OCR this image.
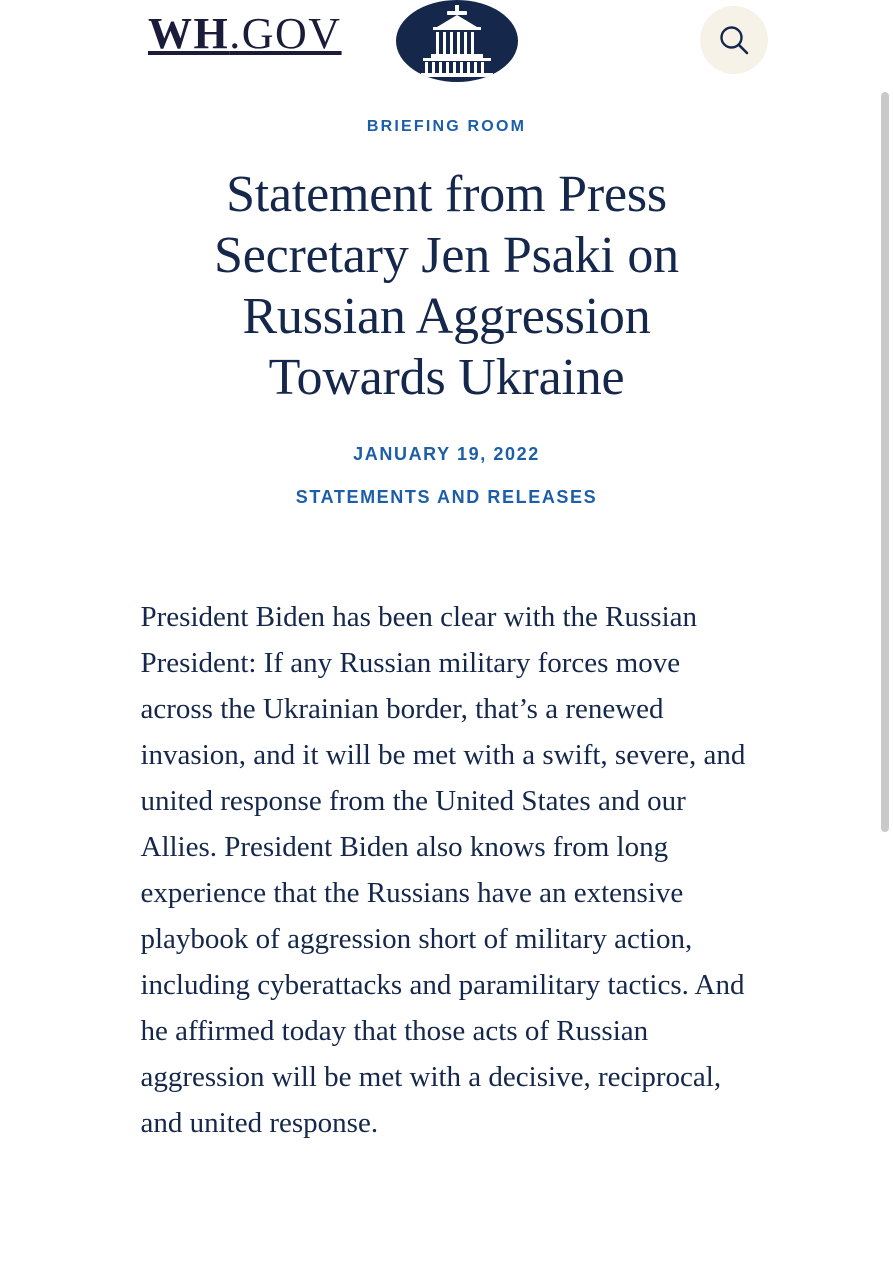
WH.GOV
BRIEFING ROOM
Statement from Press Secretary Jen Psaki on Russian Aggression Towards Ukraine
JANUARY 19, 2022
STATEMENTS AND RELEASES

President Biden has been clear with the Russian President: If any Russian military forces move across the Ukrainian border, that’s a renewed invasion, and it will be met with a swift, severe, and united response from the United States and our Allies. President Biden also knows from long experience that the Russians have an extensive playbook of aggression short of military action, including cyberattacks and paramilitary tactics. And he affirmed today that those acts of Russian aggression will be met with a decisive, reciprocal, and united response.
